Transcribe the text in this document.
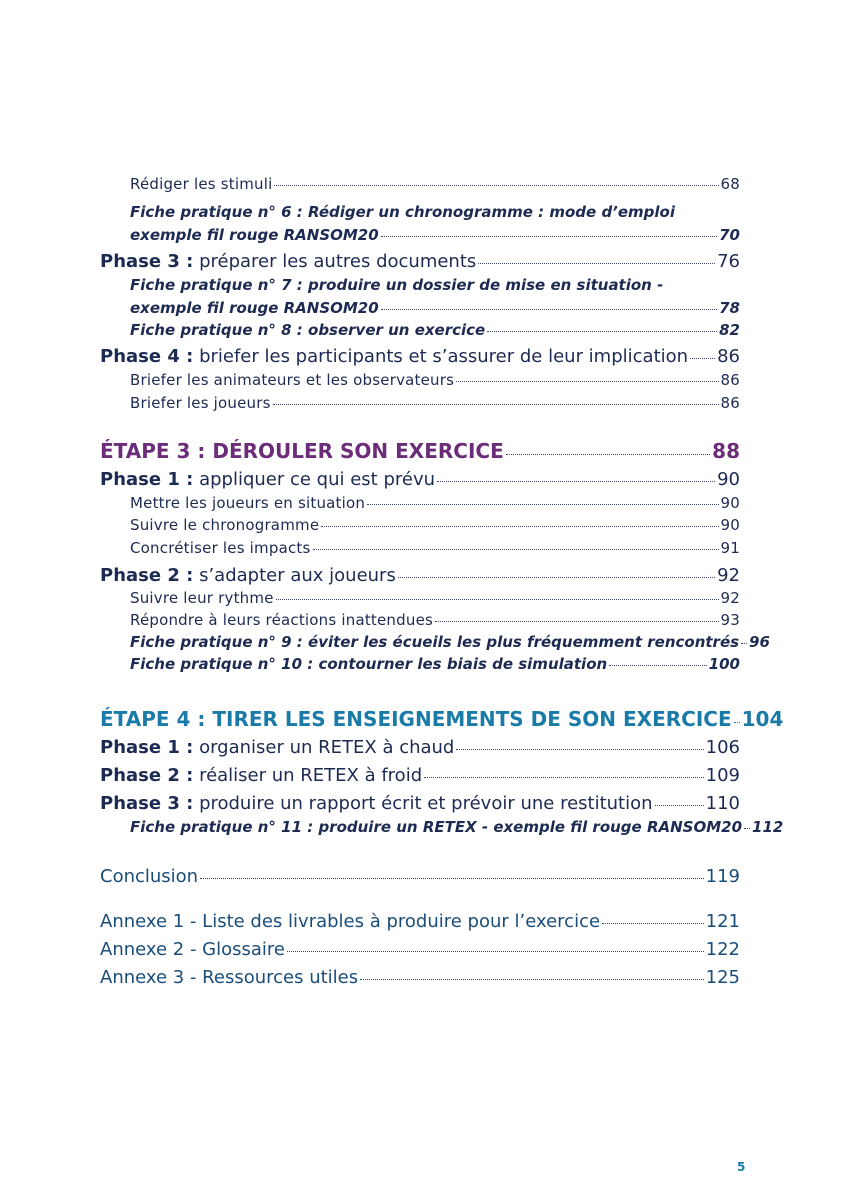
Rédiger les stimuli	68
Fiche pratique n° 6 : Rédiger un chronogramme : mode d’emploi
exemple fil rouge RANSOM20	70
Phase 3 : préparer les autres documents	76
Fiche pratique n° 7 : produire un dossier de mise en situation -
exemple fil rouge RANSOM20	78
Fiche pratique n° 8 : observer un exercice	82
Phase 4 : briefer les participants et s’assurer de leur implication 86
Briefer les animateurs et les observateurs	86
Briefer les joueurs	86
ÉTAPE 3 : DÉROULER SON EXERCICE	88
Phase 1 : appliquer ce qui est prévu	90
Mettre les joueurs en situation	90
Suivre le chronogramme	90
Concrétiser les impacts	91
Phase 2 : s’adapter aux joueurs	92
Suivre leur rythme	92
Répondre à leurs réactions inattendues	93
Fiche pratique n° 9 : éviter les écueils les plus fréquemment rencontrés 96
Fiche pratique n° 10 : contourner les biais de simulation	100
ÉTAPE 4 : TIRER LES ENSEIGNEMENTS DE SON EXERCICE 104
Phase 1 : organiser un RETEX à chaud	106
Phase 2 : réaliser un RETEX à froid	109
Phase 3 : produire un rapport écrit et prévoir une restitution	110
Fiche pratique n° 11 : produire un RETEX - exemple fil rouge RANSOM20 112
Conclusion	119
Annexe 1 - Liste des livrables à produire pour l’exercice	121
Annexe 2 - Glossaire	122
Annexe 3 - Ressources utiles	125
5
